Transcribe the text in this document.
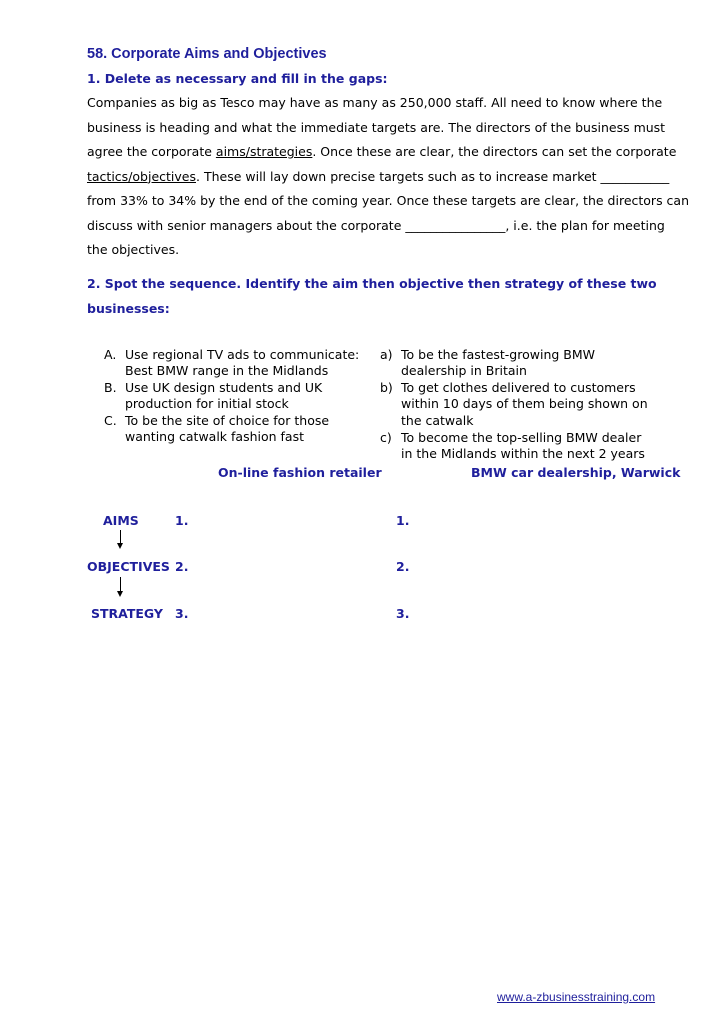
58. Corporate Aims and Objectives
1. Delete as necessary and fill in the gaps:
Companies as big as Tesco may have as many as 250,000 staff. All need to know where the
business is heading and what the immediate targets are. The directors of the business must
agree the corporate aims/strategies. Once these are clear, the directors can set the corporate
tactics/objectives. These will lay down precise targets such as to increase market ___________
from 33% to 34% by the end of the coming year. Once these targets are clear, the directors can
discuss with senior managers about the corporate ________________, i.e. the plan for meeting
the objectives.
2. Spot the sequence. Identify the aim then objective then strategy of these two
businesses:
A. Use regional TV ads to communicate:
Best BMW range in the Midlands
B. Use UK design students and UK
production for initial stock
C. To be the site of choice for those
wanting catwalk fashion fast
a) To be the fastest-growing BMW
dealership in Britain
b) To get clothes delivered to customers
within 10 days of them being shown on
the catwalk
c) To become the top-selling BMW dealer
in the Midlands within the next 2 years
On-line fashion retailer	BMW car dealership, Warwick
AIMS	1.	1.
OBJECTIVES 2.	2.
STRATEGY 3.	3.
www.a-zbusinesstraining.com
